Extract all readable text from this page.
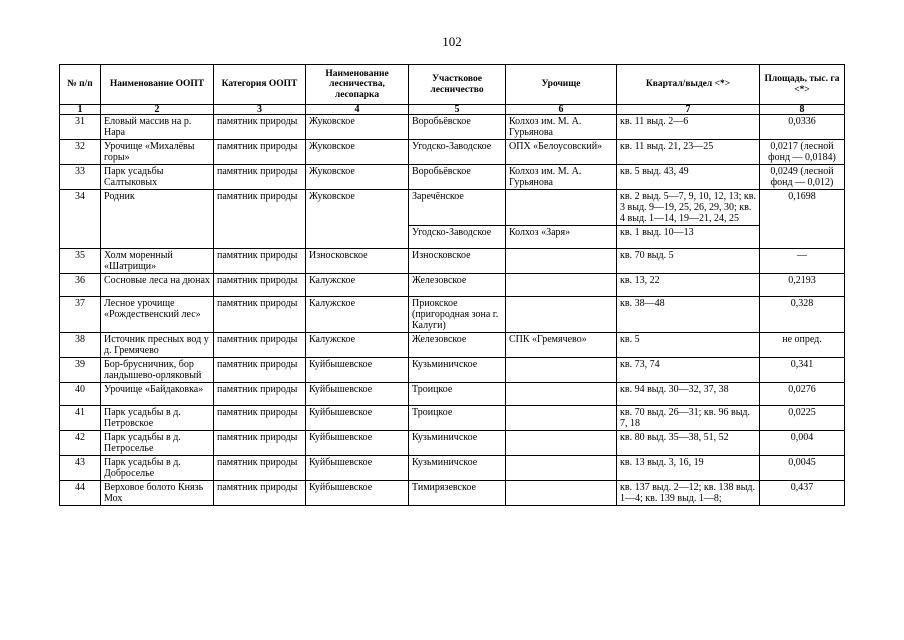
102
№ п/п	Наименование ООПТ	Категория ООПТ	Наименование лесничества, лесопарка	Участковое лесничество	Урочище	Квартал/выдел <*>	Площадь, тыс. га <*>
1	2	3	4	5	6	7	8
31	Еловый массив на р. Нара	памятник природы	Жуковское	Воробьёвское	Колхоз им. М. А. Гурьянова	кв. 11 выд. 2—6	0,0336
32	Урочище «Михалёвы горы»	памятник природы	Жуковское	Угодско-Заводское	ОПХ «Белоусовский»	кв. 11 выд. 21, 23—25	0,0217 (лесной фонд — 0,0184)
33	Парк усадьбы Салтыковых	памятник природы	Жуковское	Воробьёвское	Колхоз им. М. А. Гурьянова	кв. 5 выд. 43, 49	0,0249 (лесной фонд — 0,012)
34	Родник	памятник природы	Жуковское	Заречёнское		кв. 2 выд. 5—7, 9, 10, 12, 13; кв. 3 выд. 9—19, 25, 26, 29, 30; кв. 4 выд. 1—14, 19—21, 24, 25	0,1698
				Угодско-Заводское	Колхоз «Заря»	кв. 1 выд. 10—13	
35	Холм моренный «Шатрищи»	памятник природы	Износковское	Износковское		кв. 70 выд. 5	—
36	Сосновые леса на дюнах	памятник природы	Калужское	Железовское		кв. 13, 22	0,2193
37	Лесное урочище «Рождественский лес»	памятник природы	Калужское	Приокское (пригородная зона г. Калуги)		кв. 38—48	0,328
38	Источник пресных вод у д. Гремячево	памятник природы	Калужское	Железовское	СПК «Гремячево»	кв. 5	не опред.
39	Бор-брусничник, бор ландышево-орляковый	памятник природы	Куйбышевское	Кузьминичское		кв. 73, 74	0,341
40	Урочище «Байдаковка»	памятник природы	Куйбышевское	Троицкое		кв. 94 выд. 30—32, 37, 38	0,0276
41	Парк усадьбы в д. Петровское	памятник природы	Куйбышевское	Троицкое		кв. 70 выд. 26—31; кв. 96 выд. 7, 18	0,0225
42	Парк усадьбы в д. Петроселье	памятник природы	Куйбышевское	Кузьминичское		кв. 80 выд. 35—38, 51, 52	0,004
43	Парк усадьбы в д. Доброселье	памятник природы	Куйбышевское	Кузьминичское		кв. 13 выд. 3, 16, 19	0,0045
44	Верховое болото Князь Мох	памятник природы	Куйбышевское	Тимирязевское		кв. 137 выд. 2—12; кв. 138 выд. 1—4; кв. 139 выд. 1—8;	0,437
